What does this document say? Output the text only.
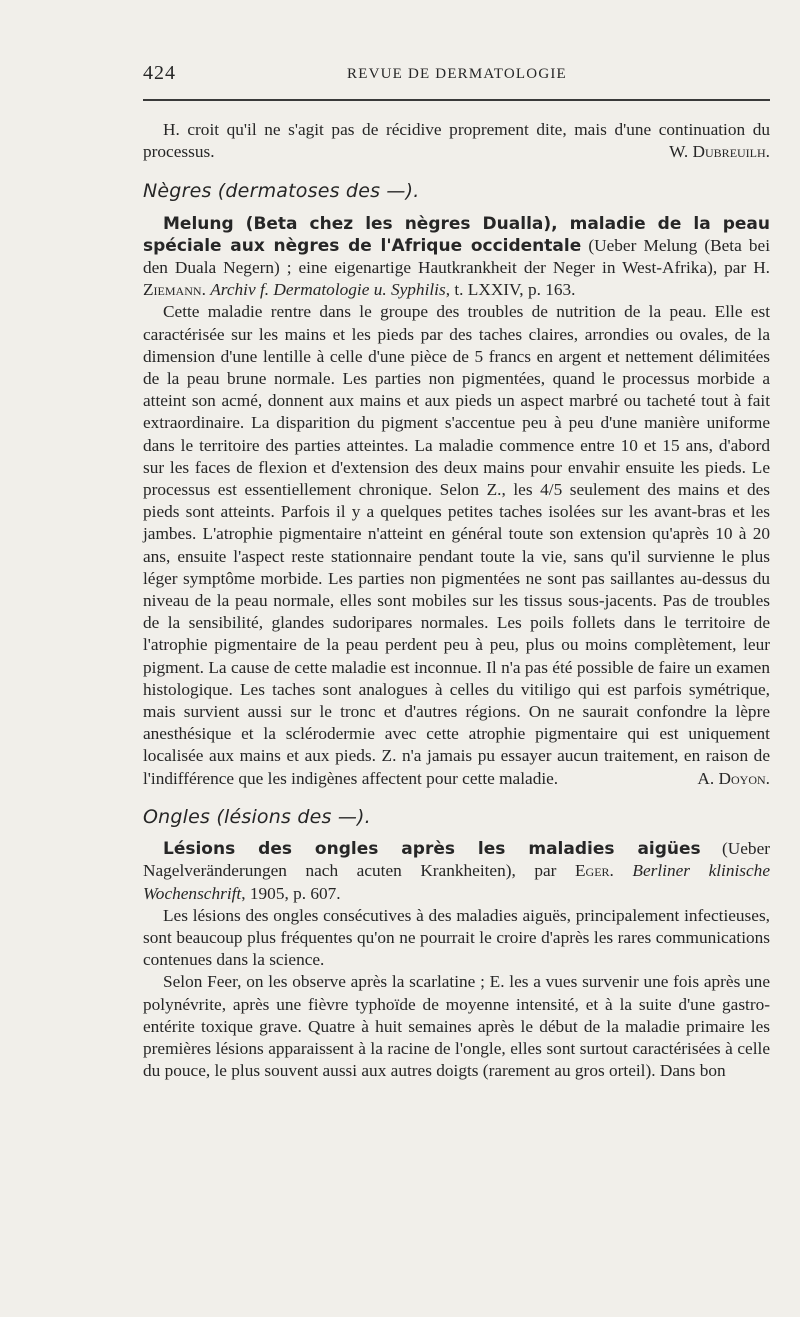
424	REVUE DE DERMATOLOGIE

H. croit qu'il ne s'agit pas de récidive proprement dite, mais d'une continuation du processus.	W. Dubreuilh.

Nègres (dermatoses des —).

Melung (Beta chez les nègres Dualla), maladie de la peau spéciale aux nègres de l'Afrique occidentale (Ueber Melung (Beta bei den Duala Negern) ; eine eigenartige Hautkrankheit der Neger in West-Afrika), par H. Ziemann. Archiv f. Dermatologie u. Syphilis, t. LXXIV, p. 163.

Cette maladie rentre dans le groupe des troubles de nutrition de la peau. Elle est caractérisée sur les mains et les pieds par des taches claires, arrondies ou ovales, de la dimension d'une lentille à celle d'une pièce de 5 francs en argent et nettement délimitées de la peau brune normale. Les parties non pigmentées, quand le processus morbide a atteint son acmé, donnent aux mains et aux pieds un aspect marbré ou tacheté tout à fait extraordinaire. La disparition du pigment s'accentue peu à peu d'une manière uniforme dans le territoire des parties atteintes. La maladie commence entre 10 et 15 ans, d'abord sur les faces de flexion et d'extension des deux mains pour envahir ensuite les pieds. Le processus est essentiellement chronique. Selon Z., les 4/5 seulement des mains et des pieds sont atteints. Parfois il y a quelques petites taches isolées sur les avant-bras et les jambes. L'atrophie pigmentaire n'atteint en général toute son extension qu'après 10 à 20 ans, ensuite l'aspect reste stationnaire pendant toute la vie, sans qu'il survienne le plus léger symptôme morbide. Les parties non pigmentées ne sont pas saillantes au-dessus du niveau de la peau normale, elles sont mobiles sur les tissus sous-jacents. Pas de troubles de la sensibilité, glandes sudoripares normales. Les poils follets dans le territoire de l'atrophie pigmentaire de la peau perdent peu à peu, plus ou moins complètement, leur pigment. La cause de cette maladie est inconnue. Il n'a pas été possible de faire un examen histologique. Les taches sont analogues à celles du vitiligo qui est parfois symétrique, mais survient aussi sur le tronc et d'autres régions. On ne saurait confondre la lèpre anesthésique et la sclérodermie avec cette atrophie pigmentaire qui est uniquement localisée aux mains et aux pieds. Z. n'a jamais pu essayer aucun traitement, en raison de l'indifférence que les indigènes affectent pour cette maladie.	A. Doyon.

Ongles (lésions des —).

Lésions des ongles après les maladies aigües (Ueber Nagelveränderungen nach acuten Krankheiten), par Eger. Berliner klinische Wochenschrift, 1905, p. 607.

Les lésions des ongles consécutives à des maladies aiguës, principalement infectieuses, sont beaucoup plus fréquentes qu'on ne pourrait le croire d'après les rares communications contenues dans la science.

Selon Feer, on les observe après la scarlatine ; E. les a vues survenir une fois après une polynévrite, après une fièvre typhoïde de moyenne intensité, et à la suite d'une gastro-entérite toxique grave. Quatre à huit semaines après le début de la maladie primaire les premières lésions apparaissent à la racine de l'ongle, elles sont surtout caractérisées à celle du pouce, le plus souvent aussi aux autres doigts (rarement au gros orteil). Dans bon
